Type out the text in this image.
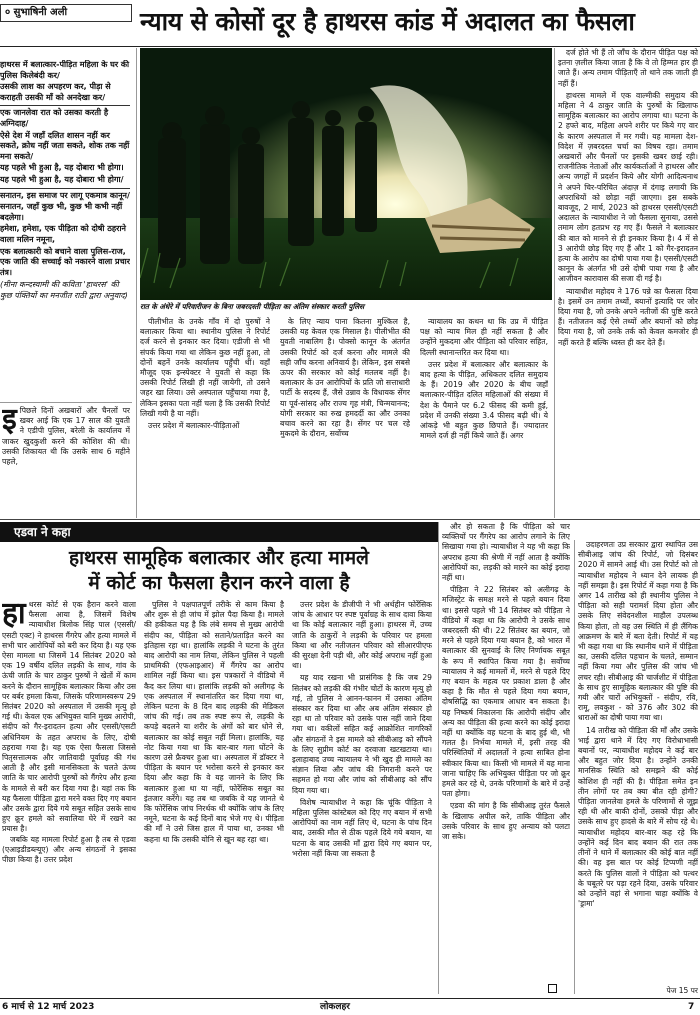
० सुभाषिनी अली	न्याय से कोसों दूर है हाथरस कांड में अदालत का फैसला
हाथरस में बलात्कार-पीड़ित महिला के घर की पुलिस किलेबंदी कर/
उसकी लाश का अपहरण कर, पीड़ा से कराहती उसकी माँ को अनदेखा कर/
एक जानलेवा रात को उसका करती है अग्निदाह/
ऐसे देश में जहाँ दलित शासन नहीं कर सकते, क्रोध नहीं जता सकते, शोक तक नहीं मना सकते/
यह पहले भी हुआ है, यह दोबारा भी होगा।
यह पहले भी हुआ है, यह दोबारा भी होगा/
सनातन, इस समाज पर लागू एकमात्र कानून/
सनातन, जहाँ कुछ भी, कुछ भी कभी नहीं बदलेगा।
हमेशा, हमेशा, एक पीड़िता को दोषी ठहराने वाला मलिन नमूना,
एक बलात्कारी को बचाने वाला पुलिस-राज, एक जाति की सच्चाई को नकारने वाला प्रचार तंत्र।
(मीना कन्दस्वामी की कविता 'हाथरस' की कुछ पंक्तियों का मनजीत राठी द्वारा अनुवाद)
रात के अंधेरे में परिवारीजन के बिना जबरदस्ती पीड़िता का अंतिम संस्कार करती पुलिस
इ पिछले दिनों अखबारों और चैनलों पर खबर आई कि एक 17 साल की युवती ने एडीपी पुलिस, बरेली के कार्यालय में जाकर खुदकुशी करने की कोशिश की थी। उसकी शिकायत थी कि उसके साथ 6 महीने पहले,

पीलीभीत के उनके गाँव में दो पुरुषों ने बलात्कार किया था। स्थानीय पुलिस ने रिपोर्ट दर्ज करने से इनकार कर दिया। एडीजी से भी संपर्क किया गया था लेकिन कुछ नहीं हुआ, तो दोनों बहनें उनके कार्यालय पहुँची थीं। वहाँ मौजूद एक इन्स्पेक्टर ने युवती से कहा कि उसकी रिपोर्ट लिखी ही नहीं जायेगी, तो उसने जहर खा लिया। उसे अस्पताल पहुँचाया गया है, लेकिन इसका पता नहीं चला है कि उसकी रिपोर्ट लिखी गयी है या नहीं।

उत्तर प्रदेश में बलात्कार-पीड़िताओं

के लिए न्याय पाना कितना मुश्किल है, उसकी यह केवल एक मिसाल है। पीलीभीत की युवती नाबालिग है। पोक्सो कानून के अंतर्गत उसकी रिपोर्ट को दर्ज करना और मामले की सही जाँच करना अनिवार्य है। लेकिन, इस सबसे ऊपर की सरकार को कोई मतलब नहीं है। बलात्कार के उन आरोपियों के प्रति जो सत्ताधारी पार्टी के सदस्य हैं, जैसे उन्नाव के विधायक सेंगर या पूर्व-सांसद और राज्य गृह मंत्री, चिन्मयानन्द; योगी सरकार का रुख हमदर्दी का और उनका बचाव करने का रहा है। सेंगर पर चल रहे मुकदमे के दौरान, सर्वोच्च

न्यायालय का कथन था कि उप्र में पीड़ित पक्ष को न्याय मिल ही नहीं सकता है और उन्होंने मुकदमा और पीड़िता को परिवार सहित, दिल्ली स्थानान्तरित कर दिया था।

उत्तर प्रदेश में बलात्कार और बलात्कार के बाद हत्या के पीड़ित, अधिकतर दलित समुदाय के हैं। 2019 और 2020 के बीच जहाँ बलात्कार-पीड़ित दलित महिलाओं की संख्या में देश के पैमाने पर 6.2 फीसद की कमी हुई, प्रदेश में उनकी संख्या 3.4 फीसद बढ़ी थी। ये आंकड़े भी बहुत कुछ छिपाते हैं। ज्यादातर मामले दर्ज ही नहीं किये जाते हैं। अगर

दर्ज होते भी हैं तो जाँच के दौरान पीड़ित पक्ष को इतना ज़लील किया जाता है कि वे तो हिम्मत हार ही जाते हैं। अन्य तमाम पीड़िताएँ तो थाने तक जाती ही नहीं हैं।

हाथरस मामले में एक वाल्मीकी समुदाय की महिला ने 4 ठाकुर जाति के पुरुषों के खिलाफ सामूहिक बलात्कार का आरोप लगाया था। घटना के 2 हफ्ते बाद, महिला अपने शरीर पर किये गए वार के कारण अस्पताल में मर गयी। यह मामला देश-विदेश में ज़बरदस्त चर्चा का विषय रहा। तमाम अखबारों और चैनलों पर इसकी खबर छाई रही। राजनीतिक नेताओं और कार्यकर्ताओं ने हाथरस और अन्य जगहों में प्रदर्शन किये और योगी आदित्यनाथ ने अपने चिर-परिचित अंदाज़ में दंगाइ लगायी कि अपराधियों को छोड़ा नहीं जाएगा। इस सबके बावजूद, 2 मार्च, 2023 को हाथरस एससी/एसटी अदालत के न्यायाधीश ने जो फैसला सुनाया, उससे तमाम लोग हतप्रभ रह गए हैं। फैसले ने बलात्कार की बात को मानने से ही इनकार किया है। 4 में से 3 आरोपी छोड़ दिए गए हैं और 1 को गैर-इरादतन हत्या के आरोप का दोषी पाया गया है। एससी/एसटी कानून के अंतर्गत भी उसे दोषी पाया गया है और आजीवन कारावास की सजा दी गई है।

न्यायाधीश महोदय ने 176 पन्ने का फैसला दिया है। इसमें उन तमाम तथ्यों, बयानों इत्यादि पर जोर दिया गया है, जो उनके अपने नतीजों की पुष्टि करते हैं। नतीजतन कई ऐसे तथ्यों और बयानों को छोड़ दिया गया है, जो उनके तर्क को केवल कमजोर ही नहीं करते हैं बल्कि ध्वस्त ही कर देते हैं।

एडवा ने कहा
हाथरस सामूहिक बलात्कार और हत्या मामले
में कोर्ट का फैसला हैरान करने वाला है
हा थरस कोर्ट से एक हैरान करने वाला फैसला आया है, जिसमें विशेष न्यायाधीश त्रिलोक सिंह पाल (एससी/एसटी एक्ट) ने हाथरस गैंगरेप और हत्या मामले में सभी चार आरोपियों को बरी कर दिया है। यह एक ऐसा मामला था जिसमें 14 सितंबर 2020 को एक 19 वर्षीय दलित लड़की के साथ, गांव के ऊंची जाति के चार ठाकुर पुरुषों ने खेतों में काम करने के दौरान सामूहिक बलात्कार किया और उस पर बर्बर हमला किया, जिसके परिणामस्वरूप 29 सितंबर 2020 को अस्पताल में उसकी मृत्यु हो गई थी। केवल एक अभियुक्त यानि मुख्य आरोपी, संदीप को गैर-इरादतन हत्या और एससी/एसटी अधिनियम के तहत अपराध के लिए, दोषी ठहराया गया है। यह एक ऐसा फैसला जिससे पितृसत्तात्मक और जातिवादी पूर्वाग्रह की गंध आती है और इसी मानसिकता के चलते ऊंच्च जाति के चार आरोपी पुरुषों को गैंगरेप और हत्या के मामले से बरी कर दिया गया है। यहां तक कि यह फैसला पीड़िता द्वारा मरने वक्त दिए गए बयान और उसके द्वारा दिये गये सबूत सहित उसके साथ हुए क्रूर हमले को सवालिया घेरे में रखने का प्रयास है।

जबकि यह मामला रिपोर्ट हुआ है तब से एडवा (एआइडीडब्ल्यूए) और अन्य संगठनों ने इसका पीछा किया है। उत्तर प्रदेश

पुलिस ने पक्षपातपूर्ण तरीके से काम किया है और शुरू से ही जांच में झोल पैदा किया है। मामले की हकीकत यह है कि लंबे समय से मुख्य आरोपी संदीप का, पीड़िता को सताने/प्रताड़ित करने का इतिहास रहा था। हालांकि लड़की ने घटना के तुरंत बाद आरोपी का नाम लिया, लेकिन पुलिस ने पहली प्राथमिकी (एफआइआर) में गैंगरेप का आरोप शामिल नहीं किया था। इस पत्रकारों ने वीडियो में कैद कर लिया था। हालांकि लड़की को अलीगढ़ के एक अस्पताल में स्थानांतरित कर दिया गया था, लेकिन घटना के 8 दिन बाद लड़की की मेडिकल जांच की गई। तब तक स्पष्ट रूप से, लड़की के कपड़े बदलने या शरीर के अंगों को बार धोने से, बलात्कार का कोई सबूत नहीं मिला। हालांकि, यह नोट किया गया था कि बार-बार गला घोंटने के कारण उसे फ्रैक्चर हुआ था। अस्पताल में डॉक्टर ने पीड़िता के बयान पर भरोसा करने से इनकार कर दिया और कहा कि वे यह जानने के लिए कि बलात्कार हुआ था या नहीं, फोरेंसिक सबूत का इंतजार करेंगे। यह तब था जबकि वे यह जानते थे कि फोरेंसिक जांच निरर्थक थी क्योंकि जांच के लिए नमूने, घटना के कई दिनों बाद भेजे गए थे। पीड़िता की माँ ने उसे जिस हाल में पाया था, उनका भी कहना था कि उसकी योनि से खून बह रहा था।

उत्तर प्रदेश के डीजीपी ने भी अर्थहीन फोरेंसिक जांच के आधार पर स्पष्ट पूर्वाग्रह के साथ दावा किया था कि कोई बलात्कार नहीं हुआ। हाथरस में, उच्च जाति के ठाकुरों ने लड़की के परिवार पर हमला किया था और नतीजतन परिवार को सीआरपीएफ की सुरक्षा देनी पड़ी थी, और कोई अपराध नहीं हुआ था।

यह याद रखना भी प्रासंगिक है कि जब 29 सितंबर को लड़की की गंभीर चोटों के कारण मृत्यु हो गई, तो पुलिस ने आनन-फानन में उसका अंतिम संस्कार कर दिया था और अब अंतिम संस्कार हो रहा था तो परिवार को उसके पास नहीं जाने दिया गया था। वकीलों सहित कई आक्रोशित नागरिकों और संगठनों ने इस मामले को सीबीआइ को सौंपने के लिए सुप्रीम कोर्ट का दरवाजा खटखटाया था। इलाहाबाद उच्च न्यायालय ने भी खुद ही मामले का संज्ञान लिया और जांच की निगरानी करने पर सहमत हो गया और जांच को सीबीआइ को सौंप दिया गया था।

विशेष न्यायाधीश ने कहा कि चूंकि पीड़िता ने महिला पुलिस कांस्टेबल को दिए गए बयान में सभी आरोपियों का नाम नहीं लिए थे, घटना के पांच दिन बाद, उसकी मौत से ठीक पहले दिये गये बयान, या घटना के बाद उसकी माँ द्वारा दिये गए बयान पर, भरोसा नहीं किया जा सकता है

और हो सकता है कि पीड़िता को चार व्यक्तियों पर गैंगरेप का आरोप लगाने के लिए सिखाया गया हो। न्यायाधीश ने यह भी कहा कि अपराध हत्या की श्रेणी में नहीं आता है क्योंकि आरोपियों का, लड़की को मारने का कोई इरादा नहीं था।

पीड़िता ने 22 सितंबर को अलीगढ़ के मजिस्ट्रेट के समक्ष मरने से पहले बयान दिया था। इससे पहले भी 14 सितंबर को पीड़िता ने वीडियो में कहा था कि आरोपी ने उसके साथ जबरदस्ती की थी। 22 सितंबर का बयान, जो मरने से पहले दिया गया बयान है, को भारत में बलात्कार की सुनवाई के लिए निर्णायक सबूत के रूप में स्थापित किया गया है। सर्वोच्च न्यायालय ने कई मामलों में, मरने से पहले दिए गए बयान के महत्व पर प्रकाश डाला है और कहा है कि मौत से पहले दिया गया बयान, दोषसिद्धि का एकमात्र आधार बन सकता है। यह निष्कर्ष निकालना कि आरोपी संदीप और अन्य का पीड़िता की हत्या करने का कोई इरादा नहीं था क्योंकि वह घटना के बाद हुई थी, भी गलत है। निर्भया मामले में, इसी तरह की परिस्थितियों में अदालतों ने हत्या साबित होना स्वीकार किया था। किसी भी मामले में यह माना जाना चाहिए कि अभियुक्त पीड़िता पर जो क्रूर हमले कर रहे थे, उनके परिणामों के बारे में उन्हें पता होगा।

एडवा की मांग है कि सीबीआइ तुरंत फैसले के खिलाफ अपील करे, ताकि पीड़िता और उसके परिवार के साथ हुए अन्याय को पलटा जा सके।

उदाहरणतः उप्र सरकार द्वारा स्थापित उस सीबीआइ जांच की रिपोर्ट, जो दिसंबर 2020 में सामने आई थी। उस रिपोर्ट को तो न्यायाधीश महोदय ने ध्यान देने लायक ही नहीं समझा है। इस रिपोर्ट में कहा गया है कि अगर 14 तारीख को ही स्थानीय पुलिस ने पीड़िता को सही परामर्श दिया होता और उसके लिए संवेदनशील माहौल उपलब्ध किया होता, तो वह उस स्थिति में ही लैंगिक आक्रमण के बारे में बता देती। रिपोर्ट में यह भी कहा गया था कि स्थानीय थाने में पीड़िता का, उसकी दलित पहचान के चलते, सम्मान नहीं किया गया और पुलिस की जांच भी लचर रही। सीबीआइ की चार्जशीट में पीड़िता के साथ हुए सामूहिक बलात्कार की पुष्टि की गयी और चारों अभियुक्तों - संदीप, रवि, रामू, लवकुश - को 376 और 302 की धाराओं का दोषी पाया गया था।

14 तारीख को पीड़िता की माँ और उसके भाई द्वारा थाने में दिए गए विरोधाभासी बयानों पर, न्यायाधीश महोदय ने कई बार और बहुत जोर दिया है। उन्होंने उनकी मानसिक स्थिति को समझने की कोई कोशिश ही नहीं की है। पीड़िता समेत इन तीन लोगों पर तब क्या बीत रही होगी? पीड़िता जानलेवा हमले के परिणामों से जूझ रही थी और बाकी दोनों, उसको पीड़ा और उसके साथ हुए हादसे के बारे में सोच रहे थे। न्यायाधीश महोदय बार-बार कह रहे कि उन्होंने कई दिन बाद बयान की रात तक तीनों ने थाने में बलात्कार की कोई बात नहीं की। वह इस बात पर कोई टिप्पणी नहीं करते कि पुलिस वालों ने पीड़िता को पत्थर के चबूतरे पर पड़ा रहने दिया, उसके परिवार को उन्होंने वहां से भगाना चाहा क्योंकि वे 'ड्रामा'

पेज 15 पर
6 मार्च से 12 मार्च 2023	लोकलहर	7
